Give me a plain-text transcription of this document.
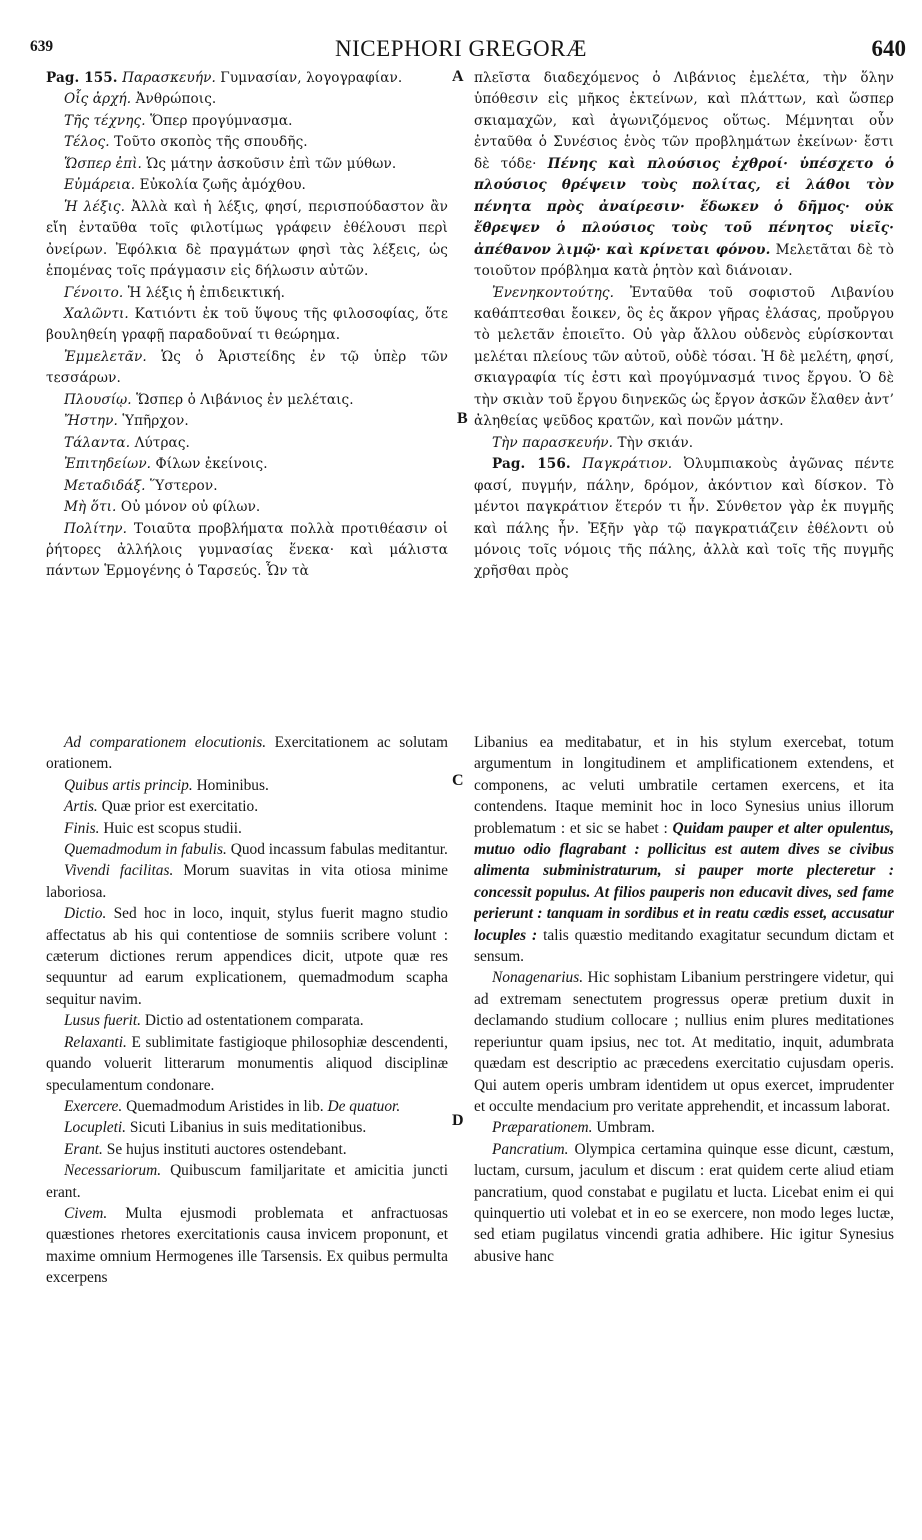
639	NICEPHORI GREGORÆ	640
A
B
C
D

Pag. 155. Παρασκευήν. Γυμνασίαν, λογογραφίαν.

Οἷς ἀρχή. Ἀνθρώποις.

Τῆς τέχνης. Ὅπερ προγύμνασμα.

Τέλος. Τοῦτο σκοπὸς τῆς σπουδῆς.

Ὥσπερ ἐπὶ. Ὡς μάτην ἀσκοῦσιν ἐπὶ τῶν μύθων.

Εὐμάρεια. Εὐκολία ζωῆς ἀμόχθου.

Ἡ λέξις. Ἀλλὰ καὶ ἡ λέξις, φησί, περισπούδαστον ἂν εἴη ἐνταῦθα τοῖς φιλοτίμως γράφειν ἐθέλουσι περὶ ὀνείρων. Ἐφόλκια δὲ πραγμάτων φησὶ τὰς λέξεις, ὡς ἑπομένας τοῖς πράγμασιν εἰς δήλωσιν αὐτῶν.

Γένοιτο. Ἡ λέξις ἡ ἐπιδεικτική.

Χαλῶντι. Κατιόντι ἐκ τοῦ ὕψους τῆς φιλοσοφίας, ὅτε βουληθείη γραφῇ παραδοῦναί τι θεώρημα.

Ἐμμελετᾶν. Ὡς ὁ Ἀριστείδης ἐν τῷ ὑπὲρ τῶν τεσσάρων.

Πλουσίῳ. Ὥσπερ ὁ Λιβάνιος ἐν μελέταις.

Ἤστην. Ὑπῆρχον.

Τάλαντα. Λύτρας.

Ἐπιτηδείων. Φίλων ἐκείνοις.

Μεταδιδάξ. Ὕστερον.

Μὴ ὅτι. Οὐ μόνον οὐ φίλων.

Πολίτην. Τοιαῦτα προβλήματα πολλὰ προτιθέασιν οἱ ῥήτορες ἀλλήλοις γυμνασίας ἕνεκα· καὶ μάλιστα πάντων Ἑρμογένης ὁ Ταρσεύς. Ὧν τὰ

πλεῖστα διαδεχόμενος ὁ Λιβάνιος ἐμελέτα, τὴν ὅλην ὑπόθεσιν εἰς μῆκος ἐκτείνων, καὶ πλάττων, καὶ ὥσπερ σκιαμαχῶν, καὶ ἀγωνιζόμενος οὕτως. Μέμνηται οὖν ἐνταῦθα ὁ Συνέσιος ἑνὸς τῶν προβλημάτων ἐκείνων· ἔστι δὲ τόδε· Πένης καὶ πλούσιος ἐχθροί· ὑπέσχετο ὁ πλούσιος θρέψειν τοὺς πολίτας, εἰ λάθοι τὸν πένητα πρὸς ἀναίρεσιν· ἔδωκεν ὁ δῆμος· οὐκ ἔθρεψεν ὁ πλούσιος τοὺς τοῦ πένητος υἱεῖς· ἀπέθανον λιμῷ· καὶ κρίνεται φόνου. Μελετᾶται δὲ τὸ τοιοῦτον πρόβλημα κατὰ ῥητὸν καὶ διάνοιαν.

Ἐνενηκοντούτης. Ἐνταῦθα τοῦ σοφιστοῦ Λιβανίου καθάπτεσθαι ἔοικεν, ὃς ἐς ἄκρον γῆρας ἐλάσας, προὔργου τὸ μελετᾶν ἐποιεῖτο. Οὐ γὰρ ἄλλου οὐδενὸς εὑρίσκονται μελέται πλείους τῶν αὐτοῦ, οὐδὲ τόσαι. Ἡ δὲ μελέτη, φησί, σκιαγραφία τίς ἐστι καὶ προγύμνασμά τινος ἔργου. Ὁ δὲ τὴν σκιὰν τοῦ ἔργου διηνεκῶς ὡς ἔργον ἀσκῶν ἔλαθεν ἀντ’ ἀληθείας ψεῦδος κρατῶν, καὶ πονῶν μάτην.

Τὴν παρασκευήν. Τὴν σκιάν.

Pag. 156. Παγκράτιον. Ὀλυμπιακοὺς ἀγῶνας πέντε φασί, πυγμήν, πάλην, δρόμον, ἀκόντιον καὶ δίσκον. Τὸ μέντοι παγκράτιον ἕτερόν τι ἦν. Σύνθετον γὰρ ἐκ πυγμῆς καὶ πάλης ἦν. Ἐξῆν γὰρ τῷ παγκρατιάζειν ἐθέλοντι οὐ μόνοις τοῖς νόμοις τῆς πάλης, ἀλλὰ καὶ τοῖς τῆς πυγμῆς χρῆσθαι πρὸς

Ad comparationem elocutionis. Exercitationem ac solutam orationem.

Quibus artis princip. Hominibus.

Artis. Quæ prior est exercitatio.

Finis. Huic est scopus studii.

Quemadmodum in fabulis. Quod incassum fabulas meditantur.

Vivendi facilitas. Morum suavitas in vita otiosa minime laboriosa.

Dictio. Sed hoc in loco, inquit, stylus fuerit magno studio affectatus ab his qui contentiose de somniis scribere volunt : cæterum dictiones rerum appendices dicit, utpote quæ res sequuntur ad earum explicationem, quemadmodum scapha sequitur navim.

Lusus fuerit. Dictio ad ostentationem comparata.

Relaxanti. E sublimitate fastigioque philosophiæ descendenti, quando voluerit litterarum monumentis aliquod disciplinæ speculamentum condonare.

Exercere. Quemadmodum Aristides in lib. De quatuor.

Locupleti. Sicuti Libanius in suis meditationibus.

Erant. Se hujus instituti auctores ostendebant.

Necessariorum. Quibuscum familjaritate et amicitia juncti erant.

Civem. Multa ejusmodi problemata et anfractuosas quæstiones rhetores exercitationis causa invicem proponunt, et maxime omnium Hermogenes ille Tarsensis. Ex quibus permulta excerpens

Libanius ea meditabatur, et in his stylum exercebat, totum argumentum in longitudinem et amplificationem extendens, et componens, ac veluti umbratile certamen exercens, et ita contendens. Itaque meminit hoc in loco Synesius unius illorum problematum : et sic se habet : Quidam pauper et alter opulentus, mutuo odio flagrabant : pollicitus est autem dives se civibus alimenta subministraturum, si pauper morte plecteretur : concessit populus. At filios pauperis non educavit dives, sed fame perierunt : tanquam in sordibus et in reatu cædis esset, accusatur locuples : talis quæstio meditando exagitatur secundum dictam et sensum.

Nonagenarius. Hic sophistam Libanium perstringere videtur, qui ad extremam senectutem progressus operæ pretium duxit in declamando studium collocare ; nullius enim plures meditationes reperiuntur quam ipsius, nec tot. At meditatio, inquit, adumbrata quædam est descriptio ac præcedens exercitatio cujusdam operis. Qui autem operis umbram identidem ut opus exercet, imprudenter et occulte mendacium pro veritate apprehendit, et incassum laborat.

Præparationem. Umbram.

Pancratium. Olympica certamina quinque esse dicunt, cæstum, luctam, cursum, jaculum et discum : erat quidem certe aliud etiam pancratium, quod constabat e pugilatu et lucta. Licebat enim ei qui quinquertio uti volebat et in eo se exercere, non modo leges luctæ, sed etiam pugilatus vincendi gratia adhibere. Hic igitur Synesius abusive hanc
